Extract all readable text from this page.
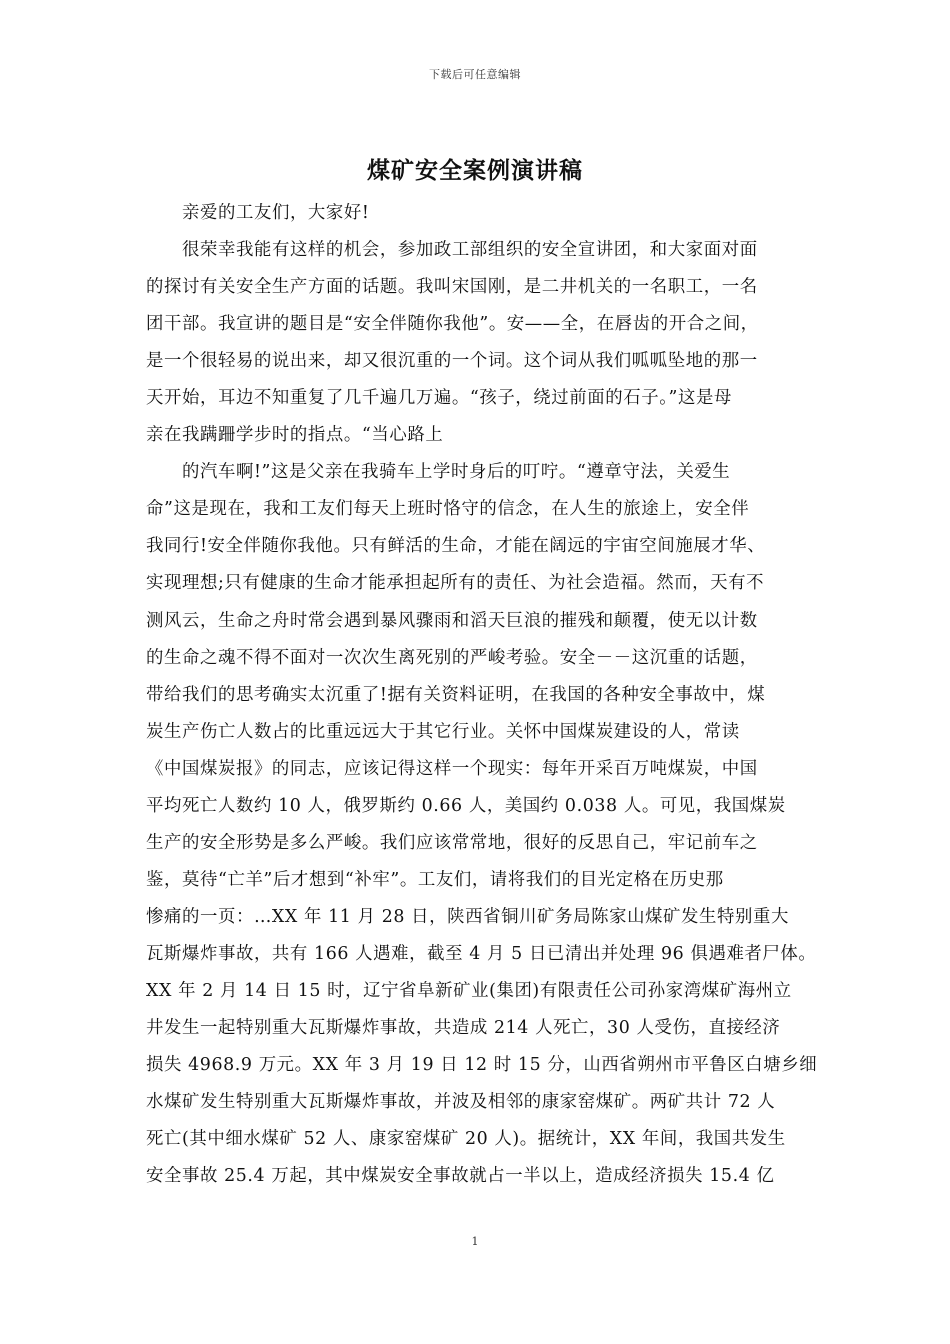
下载后可任意编辑
煤矿安全案例演讲稿
亲爱的工友们，大家好!
很荣幸我能有这样的机会，参加政工部组织的安全宣讲团，和大家面对面
的探讨有关安全生产方面的话题。我叫宋国刚，是二井机关的一名职工，一名
团干部。我宣讲的题目是“安全伴随你我他”。安——全，在唇齿的开合之间，
是一个很轻易的说出来，却又很沉重的一个词。这个词从我们呱呱坠地的那一
天开始，耳边不知重复了几千遍几万遍。“孩子，绕过前面的石子。”这是母
亲在我蹒跚学步时的指点。“当心路上
的汽车啊!”这是父亲在我骑车上学时身后的叮咛。“遵章守法，关爱生
命”这是现在，我和工友们每天上班时恪守的信念，在人生的旅途上，安全伴
我同行!安全伴随你我他。只有鲜活的生命，才能在阔远的宇宙空间施展才华、
实现理想;只有健康的生命才能承担起所有的责任、为社会造福。然而，天有不
测风云，生命之舟时常会遇到暴风骤雨和滔天巨浪的摧残和颠覆，使无以计数
的生命之魂不得不面对一次次生离死别的严峻考验。安全－－这沉重的话题，
带给我们的思考确实太沉重了!据有关资料证明，在我国的各种安全事故中，煤
炭生产伤亡人数占的比重远远大于其它行业。关怀中国煤炭建设的人，常读
《中国煤炭报》的同志，应该记得这样一个现实：每年开采百万吨煤炭，中国
平均死亡人数约 10 人，俄罗斯约 0.66 人，美国约 0.038 人。可见，我国煤炭
生产的安全形势是多么严峻。我们应该常常地，很好的反思自己，牢记前车之
鉴，莫待“亡羊”后才想到“补牢”。工友们，请将我们的目光定格在历史那
惨痛的一页：…XX 年 11 月 28 日，陕西省铜川矿务局陈家山煤矿发生特别重大
瓦斯爆炸事故，共有 166 人遇难，截至 4 月 5 日已清出并处理 96 俱遇难者尸体。
XX 年 2 月 14 日 15 时，辽宁省阜新矿业(集团)有限责任公司孙家湾煤矿海州立
井发生一起特别重大瓦斯爆炸事故，共造成 214 人死亡，30 人受伤，直接经济
损失 4968.9 万元。XX 年 3 月 19 日 12 时 15 分，山西省朔州市平鲁区白塘乡细
水煤矿发生特别重大瓦斯爆炸事故，并波及相邻的康家窑煤矿。两矿共计 72 人
死亡(其中细水煤矿 52 人、康家窑煤矿 20 人)。据统计，XX 年间，我国共发生
安全事故 25.4 万起，其中煤炭安全事故就占一半以上，造成经济损失 15.4 亿
1
